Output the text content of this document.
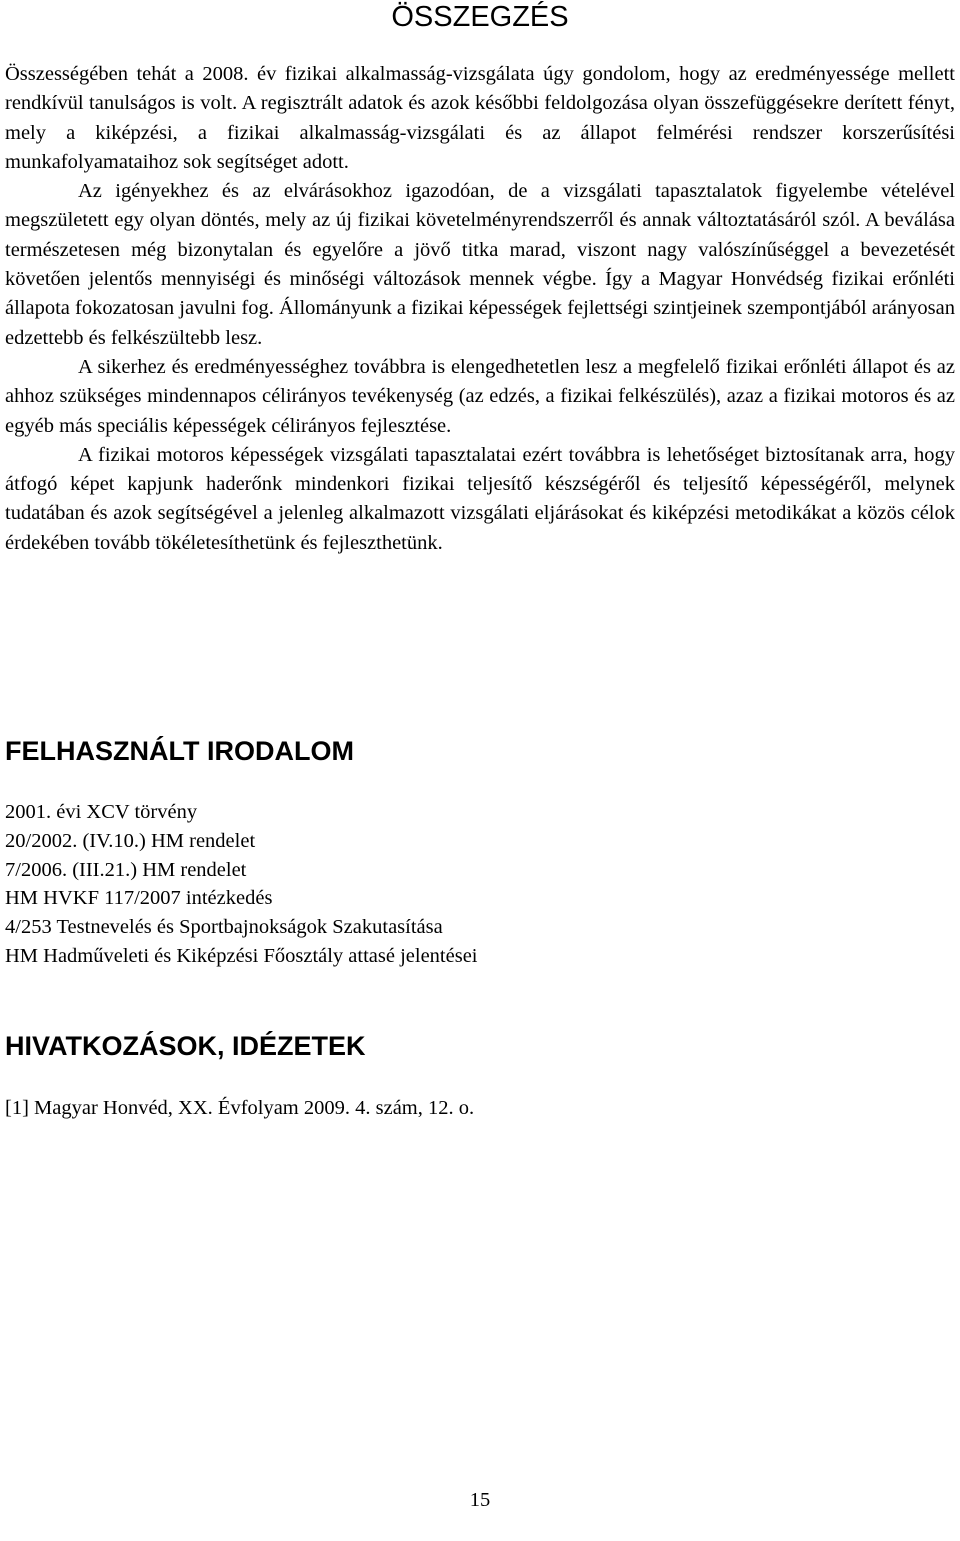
ÖSSZEGZÉS

Összességében tehát a 2008. év fizikai alkalmasság-vizsgálata úgy gondolom, hogy az eredményessége mellett rendkívül tanulságos is volt. A regisztrált adatok és azok későbbi feldolgozása olyan összefüggésekre derített fényt, mely a kiképzési, a fizikai alkalmasság-vizsgálati és az állapot felmérési rendszer korszerűsítési munkafolyamataihoz sok segítséget adott.

Az igényekhez és az elvárásokhoz igazodóan, de a vizsgálati tapasztalatok figyelembe vételével megszületett egy olyan döntés, mely az új fizikai követelményrendszerről és annak változtatásáról szól. A beválása természetesen még bizonytalan és egyelőre a jövő titka marad, viszont nagy valószínűséggel a bevezetését követően jelentős mennyiségi és minőségi változások mennek végbe. Így a Magyar Honvédség fizikai erőnléti állapota fokozatosan javulni fog. Állományunk a fizikai képességek fejlettségi szintjeinek szempontjából arányosan edzettebb és felkészültebb lesz.

A sikerhez és eredményességhez továbbra is elengedhetetlen lesz a megfelelő fizikai erőnléti állapot és az ahhoz szükséges mindennapos célirányos tevékenység (az edzés, a fizikai felkészülés), azaz a fizikai motoros és az egyéb más speciális képességek célirányos fejlesztése.

A fizikai motoros képességek vizsgálati tapasztalatai ezért továbbra is lehetőséget biztosítanak arra, hogy átfogó képet kapjunk haderőnk mindenkori fizikai teljesítő készségéről és teljesítő képességéről, melynek tudatában és azok segítségével a jelenleg alkalmazott vizsgálati eljárásokat és kiképzési metodikákat a közös célok érdekében tovább tökéletesíthetünk és fejleszthetünk.

FELHASZNÁLT IRODALOM
2001. évi XCV törvény
20/2002. (IV.10.) HM rendelet
7/2006. (III.21.) HM rendelet
HM HVKF 117/2007 intézkedés
4/253 Testnevelés és Sportbajnokságok Szakutasítása
HM Hadműveleti és Kiképzési Főosztály attasé jelentései
HIVATKOZÁSOK, IDÉZETEK
[1] Magyar Honvéd, XX. Évfolyam 2009. 4. szám, 12. o.
15
